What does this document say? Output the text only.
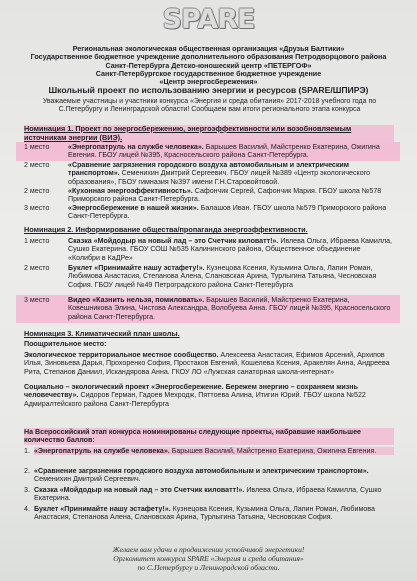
SPARE
Региональная экологическая общественная организация «Друзья Балтики»
Государственное бюджетное учреждение дополнительного образования Петродворцового района
Санкт-Петербурга Детско-юношеский центр «ПЕТЕРГОФ»
Санкт-Петербургское государственное бюджетное учреждение
«Центр энергосбережения»
Школьный проект по использованию энергии и ресурсов (SPARE/ШПИРЭ)
Уважаемые участницы и участники конкурса «Энергия и среда обитания» 2017-2018 учебного года по С.Петербургу и Ленинградской области! Сообщаем вам итоги регионального этапа конкурса
Номинация 1. Проект по энергосбережению, энергоэффективности или возобновляемым источникам энергии (ВИЭ).
1 место	«Энергопатруль на службе человека». Барышев Василий, Майстренко Екатерина, Ожигина Евгения. ГБОУ лицей №395, Красносельского района Санкт-Петербурга.
2 место	«Сравнение загрязнения городского воздуха автомобильным и электрическим транспортом». Семенихин Дмитрий Сергеевич. ГБОУ лицей №389 «Центр экологического образования», ГБОУ гимназия №397 имени Г.Н.Старовойтовой.
2 место	«Кухонная энергоэффективность». Сафончик Сергей, Сафончик Мария. ГБОУ школа №578 Приморского района Санкт-Петербурга.
3 место	«Энергосбережение в нашей жизни». Балашов Иван. ГБОУ школа №579 Приморского района Санкт-Петербурга.
Номинация 2. Информирование общества/пропаганда энергоэффективности.
1 место	Сказка «Мойдодыр на новый лад – это Счетчик киловатт!». Ивлева Ольга, Ибраева Камилла, Сушко Екатерина. ГБОУ СОШ №535 Калининского района, Общественное объединение «Колибри в КаДРе»
2 место	Буклет «Принимайте нашу эстафету!». Кузнецова Ксения, Кузьмина Ольга, Лапин Роман, Любимова Анастасия, Степанова Алена, Слановская Арина, Турлыгина Татьяна, Чесновская София. ГБОУ лицей №49 Петроградского района Санкт-Петербурга
3 место	Видео «Казнить нельзя, помиловать». Барышев Василий, Майстренко Екатерина, Ковешникова Элина, Чистова Александра, Волобуева Анна. ГБОУ лицей №395, Красносельского района Санкт-Петербурга.
Номинация 3. Климатический план школы.
Поощрительное место:
Экологическое территориальное местное сообщество. Алексеева Анастасия, Ефимов Арсений, Архипов Илья, Зиновьева Дарья, Прохоренко София, Простаков Евгений, Кошелева Ксения, Аракелян Анна, Андреева Рита, Степанов Даниил, Искандярова Анна. ГКОУ ЛО «Лужская санаторная школа-интернат»
Социально – экологический проект «Энергосбережение. Бережем энергию – сохраняем жизнь человечеству». Сидоров Герман, Гадоев Мехродж, Пяттоева Алина, Итигин Юрий. ГБОУ школа №522 Адмиралтейского района Санкт-Петербурга
На Всероссийский этап конкурса номинированы следующие проекты, набравшие наибольшее количество баллов:
1. «Энергопатруль на службе человека». Барышев Василий, Майстренко Екатерина, Ожигина Евгения.
2. «Сравнение загрязнения городского воздуха автомобильным и электрическим транспортом». Семенихин Дмитрий Сергеевич.
3. Сказка «Мойдодыр на новый лад – это Счетчик киловатт!». Ивлева Ольга, Ибраева Камилла, Сушко Екатерина.
4. Буклет «Принимайте нашу эстафету!». Кузнецова Ксения, Кузьмина Ольга, Лапин Роман, Любимова Анастасия, Степанова Алена, Слановская Арина, Турлыгина Татьяна, Чесновская София.
Желаем вам удачи в продвижении устойчивой энергетики!
Оргкомитет конкурса SPARE «Энергия и среда обитания»
по С.Петербургу и Ленинградской области.
